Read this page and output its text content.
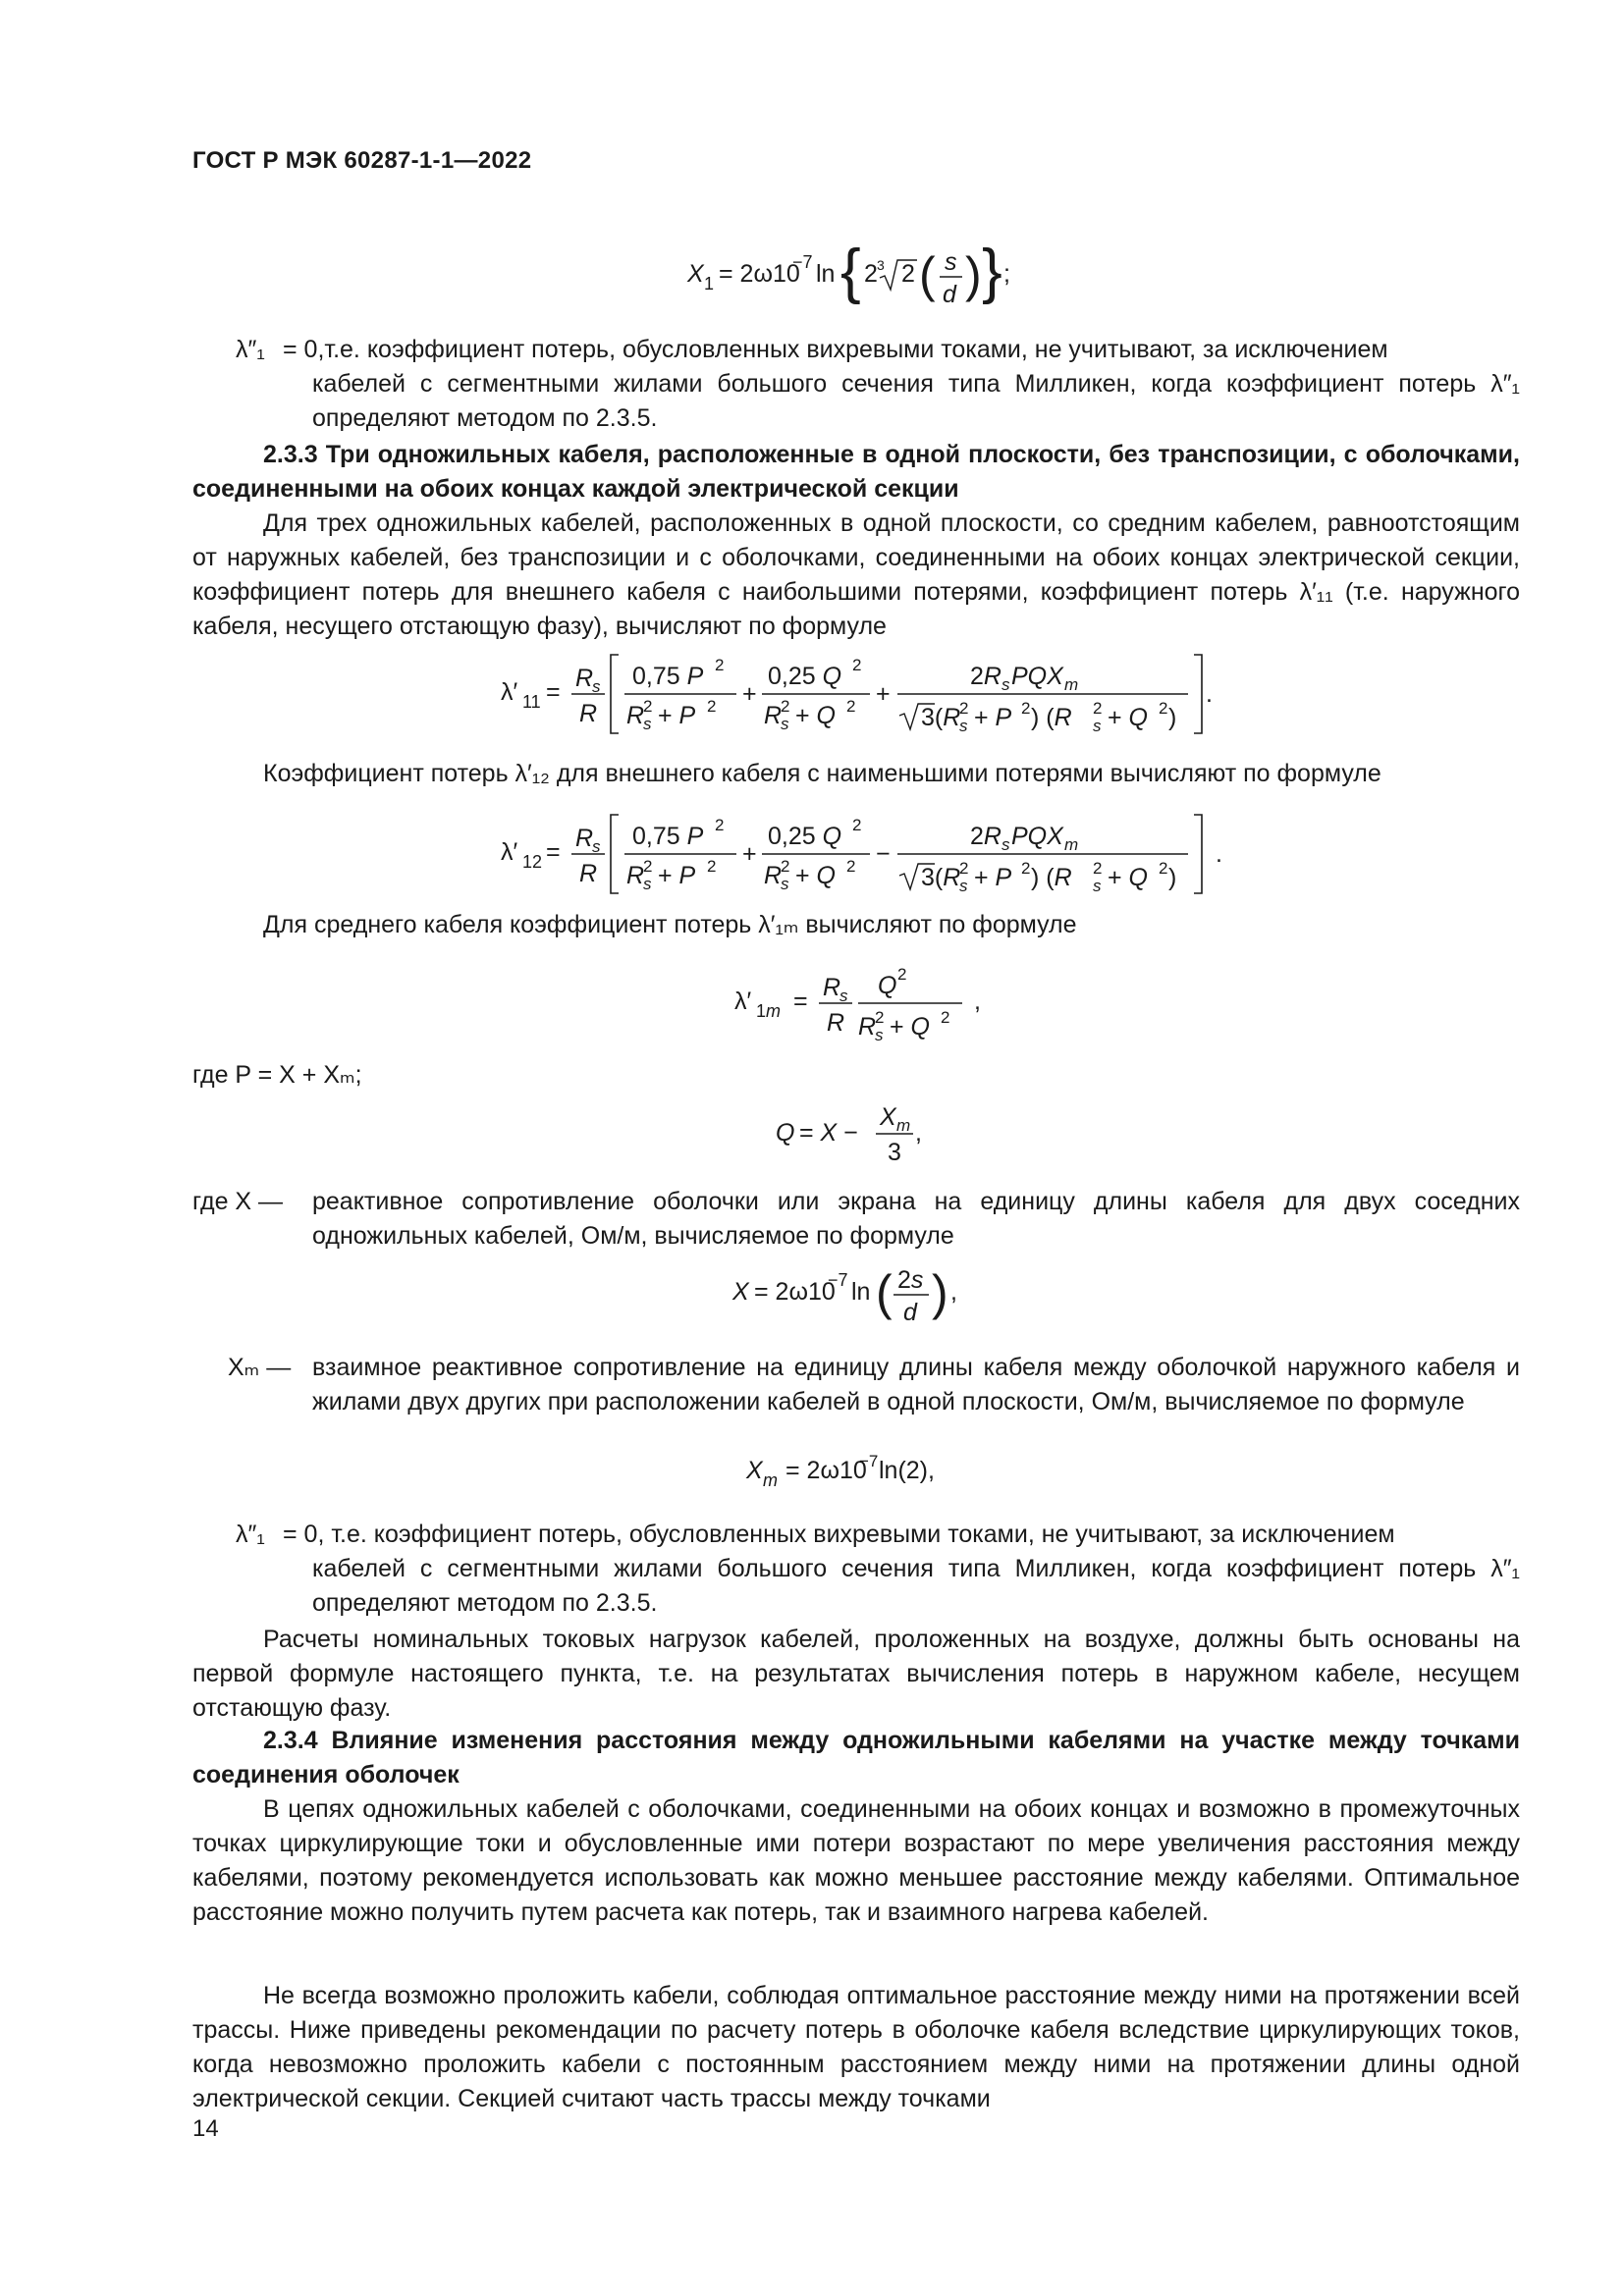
ГОСТ Р МЭК 60287-1-1—2022
X 1 = 2ω10
−7 ln { 2 3 2 ( s
d ) } ;
λ″₁ = 0,т.е. коэффициент потерь, обусловленных вихревыми токами, не учитывают, за исключением
кабелей с сегментными жилами большого сечения типа Милликен, когда коэффициент потерь λ″₁ определяют методом по 2.3.5.
2.3.3 Три одножильных кабеля, расположенные в одной плоскости, без транспозиции, с оболочками, соединенными на обоих концах каждой электрической секции
Для трех одножильных кабелей, расположенных в одной плоскости, со средним кабелем, равноотстоящим от наружных кабелей, без транспозиции и с оболочками, соединенными на обоих концах электрической секции, коэффициент потерь для внешнего кабеля с наибольшими потерями, коэффициент потерь λ′₁₁ (т.е. наружного кабеля, несущего отстающую фазу), вычисляют по формуле
λ′ 11 = R
s
R
0,75 P 2
R
s
2 + P 2 +
0,25 Q 2
R
s
2 + Q 2 +
2R s PQX m
3(R
s
2 + P 2 ) (R s
2 + Q 2 )
.
Коэффициент потерь λ′₁₂ для внешнего кабеля с наименьшими потерями вычисляют по формуле
λ′ 12 = R
s
R
0,75 P 2
R
s
2 + P 2 +
0,25 Q 2
R
s
2 + Q 2 −
2R s PQX m
3(R
s
2 + P 2 ) (R s
2 + Q 2 )
.
Для среднего кабеля коэффициент потерь λ′₁ₘ вычисляют по формуле
λ′ 1m = R
s
R
Q 2
R
s
2 + Q 2
,
где P = X + Xₘ;
Q = X −
X m
3
,
где X — реактивное сопротивление оболочки или экрана на единицу длины кабеля для двух соседних одножильных кабелей, Ом/м, вычисляемое по формуле
X = 2ω10
−7 ln ( 2s
d ) ,
Xₘ — взаимное реактивное сопротивление на единицу длины кабеля между оболочкой наружного кабеля и жилами двух других при расположении кабелей в одной плоскости, Ом/м, вычисляемое по формуле
X m = 2ω10
−7 ln(2),
λ″₁ = 0, т.е. коэффициент потерь, обусловленных вихревыми токами, не учитывают, за исключением
кабелей с сегментными жилами большого сечения типа Милликен, когда коэффициент потерь λ″₁ определяют методом по 2.3.5.
Расчеты номинальных токовых нагрузок кабелей, проложенных на воздухе, должны быть основаны на первой формуле настоящего пункта, т.е. на результатах вычисления потерь в наружном кабеле, несущем отстающую фазу.
2.3.4 Влияние изменения расстояния между одножильными кабелями на участке между точками соединения оболочек
В цепях одножильных кабелей с оболочками, соединенными на обоих концах и возможно в промежуточных точках циркулирующие токи и обусловленные ими потери возрастают по мере увеличения расстояния между кабелями, поэтому рекомендуется использовать как можно меньшее расстояние между кабелями. Оптимальное расстояние можно получить путем расчета как потерь, так и взаимного нагрева кабелей.
Не всегда возможно проложить кабели, соблюдая оптимальное расстояние между ними на протяжении всей трассы. Ниже приведены рекомендации по расчету потерь в оболочке кабеля вследствие циркулирующих токов, когда невозможно проложить кабели с постоянным расстоянием между ними на протяжении длины одной электрической секции. Секцией считают часть трассы между точками
14
